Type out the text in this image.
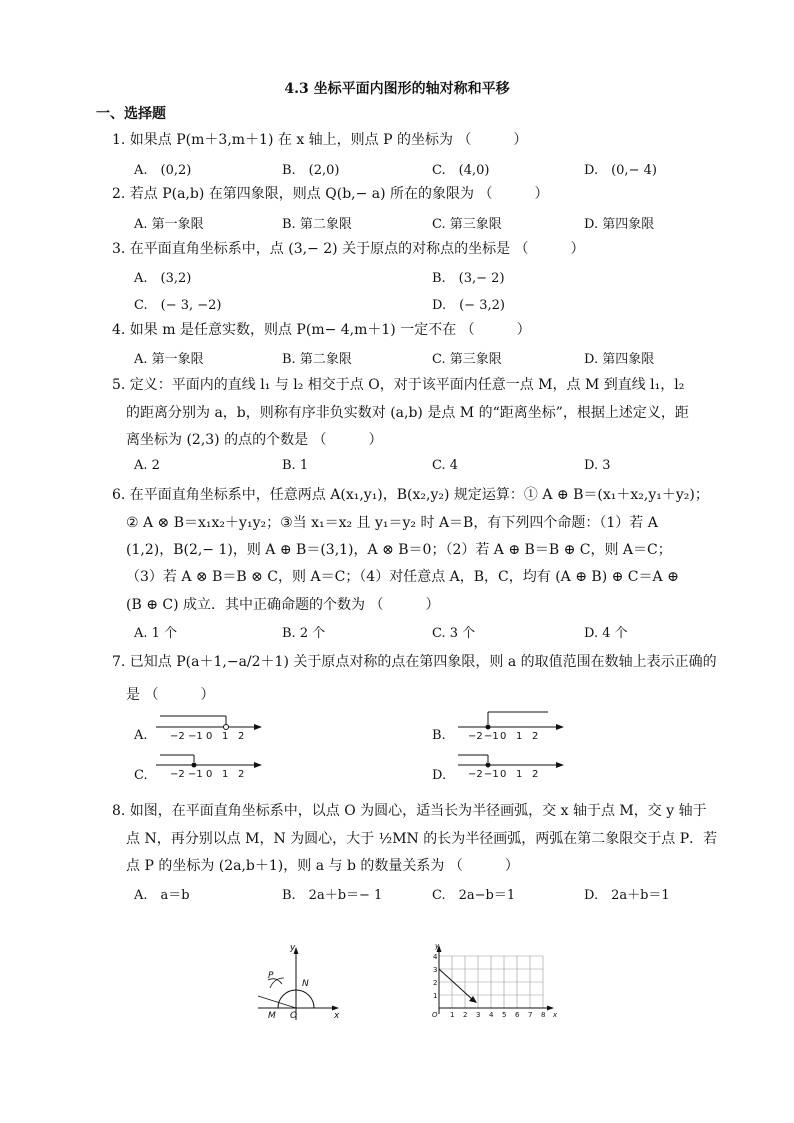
4.3 坐标平面内图形的轴对称和平移
一、选择题
1. 如果点 P(m＋3,m＋1) 在 x 轴上，则点 P 的坐标为 （　　　）
A.　(0,2)	B.　(2,0)	C.　(4,0)	D.　(0,− 4)
2. 若点 P(a,b) 在第四象限，则点 Q(b,− a) 所在的象限为 （　　　）
A. 第一象限	B. 第二象限	C. 第三象限	D. 第四象限
3. 在平面直角坐标系中，点 (3,− 2) 关于原点的对称点的坐标是 （　　　）
A.　(3,2)	B.　(3,− 2)
C.　(− 3, −2)	D.　(− 3,2)
4. 如果 m 是任意实数，则点 P(m− 4,m＋1) 一定不在 （　　　）
A. 第一象限	B. 第二象限	C. 第三象限	D. 第四象限
5. 定义：平面内的直线 l₁ 与 l₂ 相交于点 O，对于该平面内任意一点 M，点 M 到直线 l₁，l₂
的距离分别为 a，b，则称有序非负实数对 (a,b) 是点 M 的“距离坐标”，根据上述定义，距
离坐标为 (2,3) 的点的个数是 （　　　）
A. 2	B. 1	C. 4	D. 3
6. 在平面直角坐标系中，任意两点 A(x₁,y₁)，B(x₂,y₂) 规定运算：① A ⊕ B＝(x₁＋x₂,y₁＋y₂)；
② A ⊗ B＝x₁x₂＋y₁y₂；③当 x₁＝x₂ 且 y₁＝y₂ 时 A＝B，有下列四个命题：（1）若 A
(1,2)，B(2,− 1)，则 A ⊕ B＝(3,1)，A ⊗ B＝0；（2）若 A ⊕ B＝B ⊕ C，则 A＝C；
（3）若 A ⊗ B＝B ⊗ C，则 A＝C；（4）对任意点 A，B，C，均有 (A ⊕ B) ⊕ C＝A ⊕
(B ⊕ C) 成立．其中正确命题的个数为 （　　　）
A. 1 个	B. 2 个	C. 3 个	D. 4 个
7. 已知点 P(a＋1,−a/2＋1) 关于原点对称的点在第四象限，则 a 的取值范围在数轴上表示正确的
是 （　　　）
A. −2 −1 0 1 2	B. −2 −1 0 1 2
C. −2 −1 0 1 2	D. −2 −1 0 1 2
8. 如图，在平面直角坐标系中，以点 O 为圆心，适当长为半径画弧，交 x 轴于点 M，交 y 轴于
点 N，再分别以点 M，N 为圆心，大于 ½MN 的长为半径画弧，两弧在第二象限交于点 P．若
点 P 的坐标为 (2a,b＋1)，则 a 与 b 的数量关系为 （　　　）
A.　a＝b	B.　2a＋b＝− 1	C.　2a−b＝1	D.　2a＋b＝1
y
x
O
M
N
P
y
x
O
1
2
3
4
1 2 3 4 5 6 7 8
